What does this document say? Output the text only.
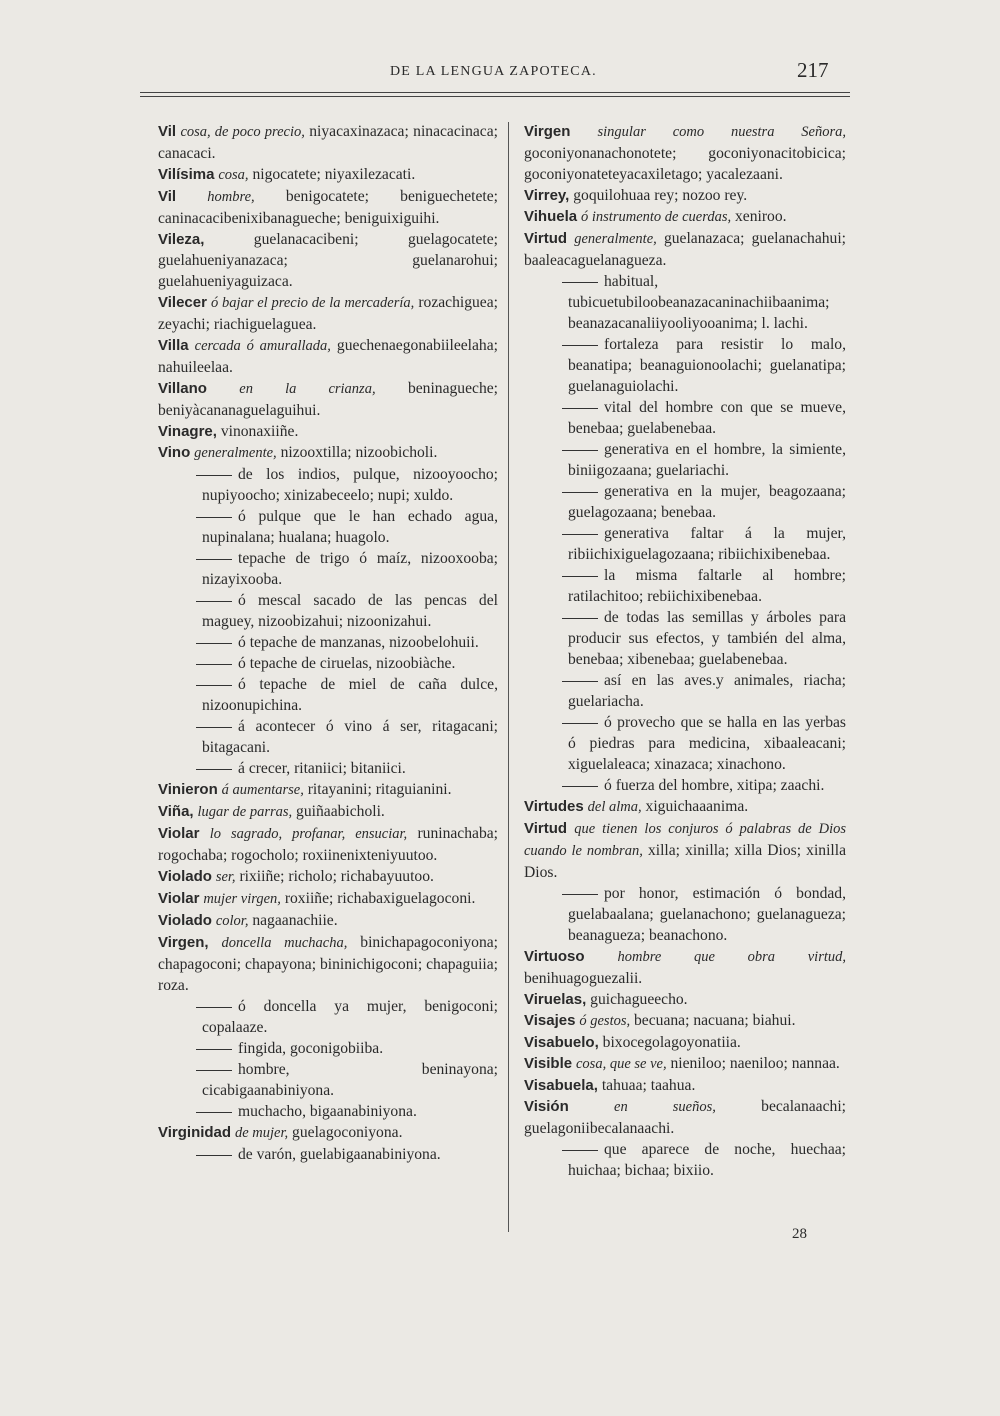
DE LA LENGUA ZAPOTECA.	217
Vil cosa, de poco precio, niyacaxinazaca; ninacacinaca; canacaci.
Vilísima cosa, nigocatete; niyaxilezacati.
Vil hombre, benigocatete; beniguechetete; caninacacibenixibanagueche; beniguixiguihi.
Vileza, guelanacacibeni; guelagocatete; guelahueniyanazaca; guelanarohui; guelahueniyaguizaca.
Vilecer ó bajar el precio de la mercadería, rozachiguea; zeyachi; riachiguelaguea.
Villa cercada ó amurallada, guechenaegonabiileelaha; nahuileelaa.
Villano en la crianza, beninagueche; beniyàcananaguelaguihui.
Vinagre, vinonaxiiñe.
Vino generalmente, nizooxtilla; nizoobicholi.
de los indios, pulque, nizooyoocho; nupiyoocho; xinizabeceelo; nupi; xuldo.
ó pulque que le han echado agua, nupinalana; hualana; huagolo.
tepache de trigo ó maíz, nizooxooba; nizayixooba.
ó mescal sacado de las pencas del maguey, nizoobizahui; nizoonizahui.
ó tepache de manzanas, nizoobelohuii.
ó tepache de ciruelas, nizoobiàche.
ó tepache de miel de caña dulce, nizoonupichina.
á acontecer ó vino á ser, ritagacani; bitagacani.
á crecer, ritaniici; bitaniici.
Vinieron á aumentarse, ritayanini; ritaguianini.
Viña, lugar de parras, guiñaabicholi.
Violar lo sagrado, profanar, ensuciar, runinachaba; rogochaba; rogocholo; roxiinenixteniyuutoo.
Violado ser, rixiiñe; richolo; richabayuutoo.
Violar mujer virgen, roxiiñe; richabaxiguelagoconi.
Violado color, nagaanachiie.
Virgen, doncella muchacha, binichapagoconiyona; chapagoconi; chapayona; bininichigoconi; chapaguiia; roza.
ó doncella ya mujer, benigoconi; copalaaze.
fingida, goconigobiiba.
hombre, beninayona; cicabigaanabiniyona.
muchacho, bigaanabiniyona.
Virginidad de mujer, guelagoconiyona.
de varón, guelabigaanabiniyona.
Virgen singular como nuestra Señora, goconiyonanachonotete; goconiyonacitobicica; goconiyonateteyacaxiletago; yacalezaani.
Virrey, goquilohuaa rey; nozoo rey.
Vihuela ó instrumento de cuerdas, xeniroo.
Virtud generalmente, guelanazaca; guelanachahui; baaleacaguelanagueza.
habitual, tubicuetubiloobeanazacaninachiibaanima; beanazacanaliiyooliyooanima; l. lachi.
fortaleza para resistir lo malo, beanatipa; beanaguionoolachi; guelanatipa; guelanaguiolachi.
vital del hombre con que se mueve, benebaa; guelabenebaa.
generativa en el hombre, la simiente, biniigozaana; guelariachi.
generativa en la mujer, beagozaana; guelagozaana; benebaa.
generativa faltar á la mujer, ribiichixiguelagozaana; ribiichixibenebaa.
la misma faltarle al hombre; ratilachitoo; rebiichixibenebaa.
de todas las semillas y árboles para producir sus efectos, y también del alma, benebaa; xibenebaa; guelabenebaa.
así en las aves.y animales, riacha; guelariacha.
ó provecho que se halla en las yerbas ó piedras para medicina, xibaaleacani; xiguelaleaca; xinazaca; xinachono.
ó fuerza del hombre, xitipa; zaachi.
Virtudes del alma, xiguichaaanima.
Virtud que tienen los conjuros ó palabras de Dios cuando le nombran, xilla; xinilla; xilla Dios; xinilla Dios.
por honor, estimación ó bondad, guelabaalana; guelanachono; guelanagueza; beanagueza; beanachono.
Virtuoso hombre que obra virtud, benihuagoguezalii.
Viruelas, guichagueecho.
Visajes ó gestos, becuana; nacuana; biahui.
Visabuelo, bixocegolagoyonatiia.
Visible cosa, que se ve, nieniloo; naeniloo; nannaa.
Visabuela, tahuaa; taahua.
Visión	en sueños, becalanaachi; guelagoniibecalanaachi.
que aparece de noche, huechaa; huichaa; bichaa; bixiio.
28
